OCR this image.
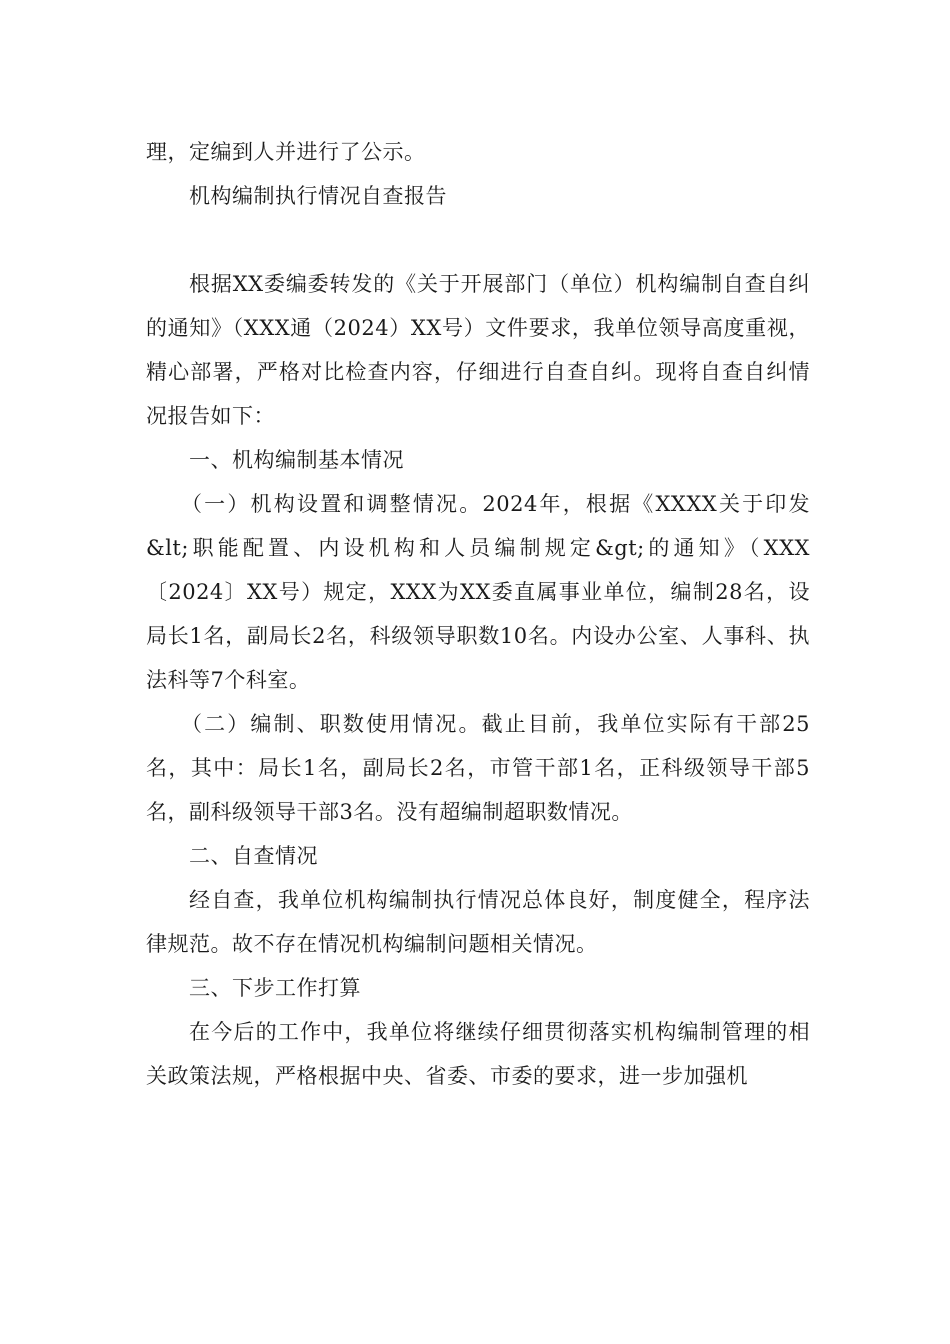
理，定编到人并进行了公示。

机构编制执行情况自查报告

根据XX委编委转发的《关于开展部门（单位）机构编制自查自纠的通知》（XXX通（2024）XX号）文件要求，我单位领导高度重视，精心部署，严格对比检查内容，仔细进行自查自纠。现将自查自纠情况报告如下：

一、机构编制基本情况

（一）机构设置和调整情况。2024年，根据《XXXX关于印发&lt;职能配置、内设机构和人员编制规定&gt;的通知》（XXX〔2024〕XX号）规定，XXX为XX委直属事业单位，编制28名，设局长1名，副局长2名，科级领导职数10名。内设办公室、人事科、执法科等7个科室。

（二）编制、职数使用情况。截止目前，我单位实际有干部25名，其中：局长1名，副局长2名，市管干部1名，正科级领导干部5名，副科级领导干部3名。没有超编制超职数情况。

二、自查情况

经自查，我单位机构编制执行情况总体良好，制度健全，程序法律规范。故不存在情况机构编制问题相关情况。

三、下步工作打算

在今后的工作中，我单位将继续仔细贯彻落实机构编制管理的相关政策法规，严格根据中央、省委、市委的要求，进一步加强机
